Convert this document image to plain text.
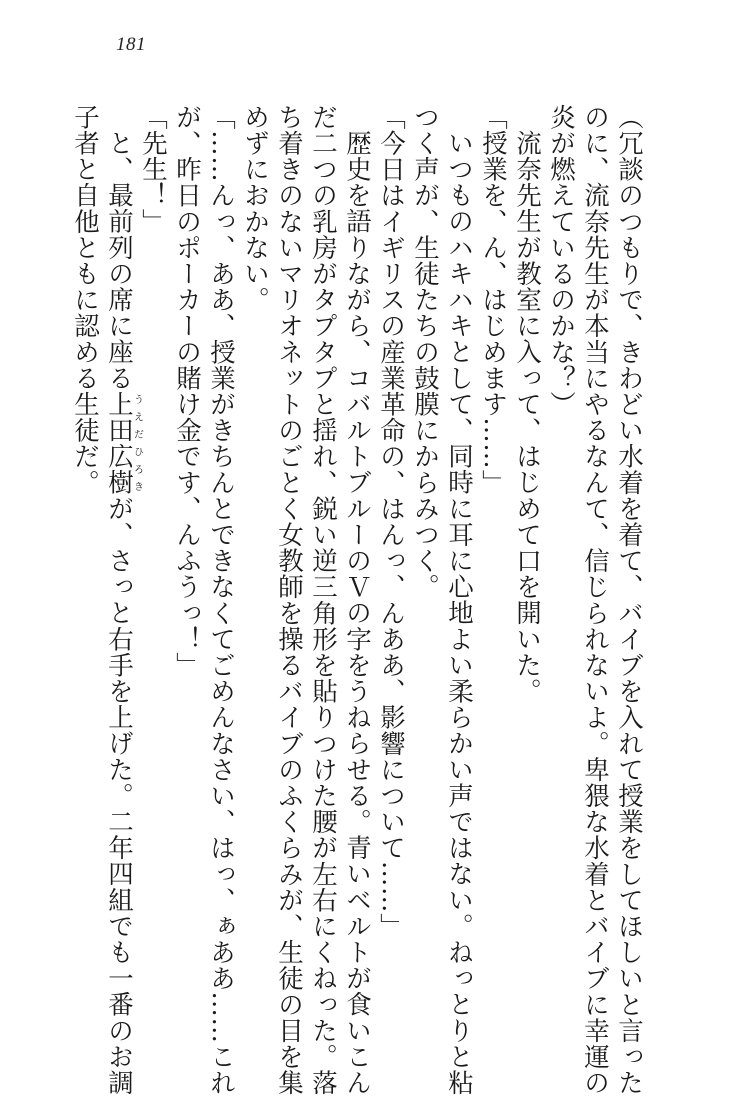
181
（冗談のつもりで、きわどい水着を着て、バイブを入れて授業をしてほしいと言った
のに、流奈先生が本当にやるなんて、信じられないよ。卑猥な水着とバイブに幸運の
炎が燃えているのかな？）
流奈先生が教室に入って、はじめて口を開いた。
「授業を、ん、はじめます……」
いつものハキハキとして、同時に耳に心地よい柔らかい声ではない。ねっとりと粘
つく声が、生徒たちの鼓膜にからみつく。
「今日はイギリスの産業革命の、はんっ、んああ、影響について……」
歴史を語りながら、コバルトブルーのＶの字をうねらせる。青いベルトが食いこん
だ二つの乳房がタプタプと揺れ、鋭い逆三角形を貼りつけた腰が左右にくねった。落
ち着きのないマリオネットのごとく女教師を操るバイブのふくらみが、生徒の目を集
めずにおかない。
「……んっ、ああ、授業がきちんとできなくてごめんなさい、はっ、ぁああ……これ
が、昨日のポーカーの賭け金です、んふうっ！」
「先生！」
と、最前列の席に座る上田うえだ広樹ひろきが、さっと右手を上げた。二年四組でも一番のお調
子者と自他ともに認める生徒だ。
